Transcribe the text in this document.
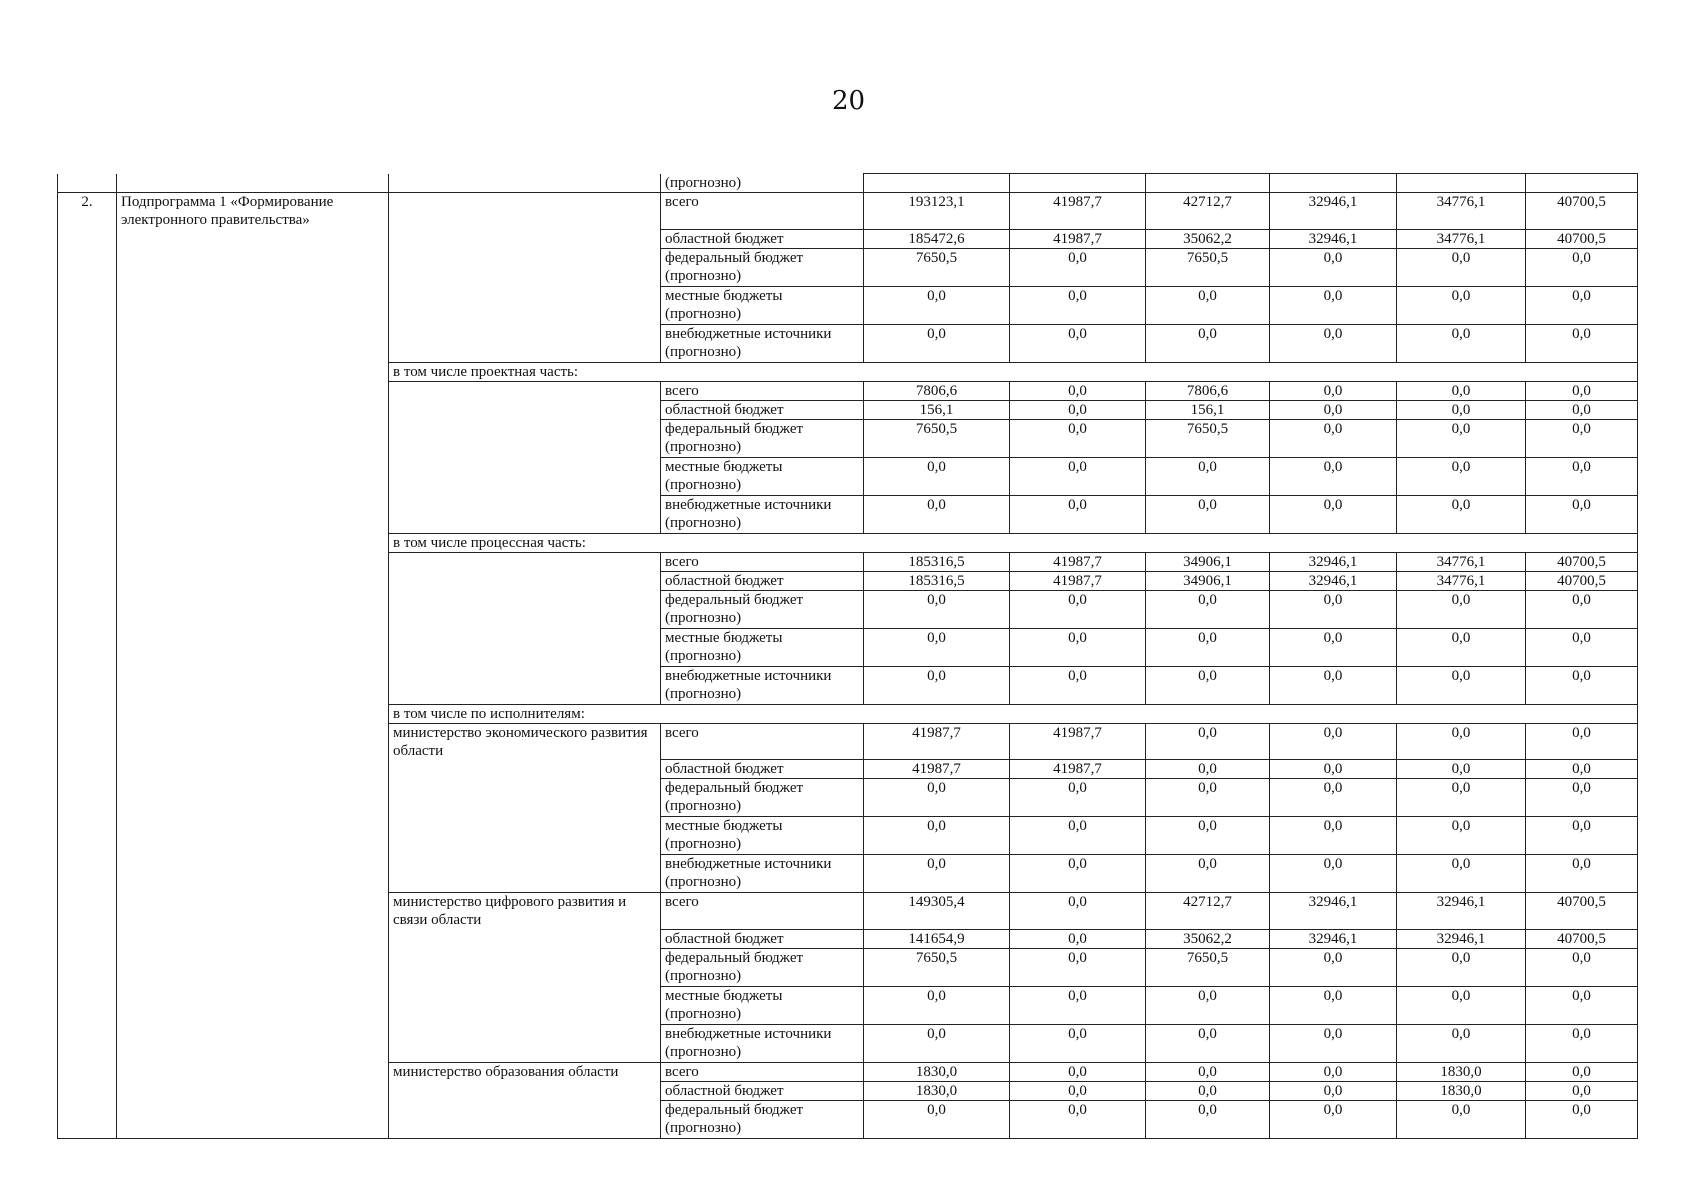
20
			(прогнозно)						
2.	Подпрограмма 1 «Формирование электронного правительства»		всего	193123,1	41987,7	42712,7	32946,1	34776,1	40700,5
			областной бюджет	185472,6	41987,7	35062,2	32946,1	34776,1	40700,5
			федеральный бюджет (прогнозно)	7650,5	0,0	7650,5	0,0	0,0	0,0
			местные бюджеты (прогнозно)	0,0	0,0	0,0	0,0	0,0	0,0
			внебюджетные источники (прогнозно)	0,0	0,0	0,0	0,0	0,0	0,0
		в том числе проектная часть:							
			всего	7806,6	0,0	7806,6	0,0	0,0	0,0
			областной бюджет	156,1	0,0	156,1	0,0	0,0	0,0
			федеральный бюджет (прогнозно)	7650,5	0,0	7650,5	0,0	0,0	0,0
			местные бюджеты (прогнозно)	0,0	0,0	0,0	0,0	0,0	0,0
			внебюджетные источники (прогнозно)	0,0	0,0	0,0	0,0	0,0	0,0
		в том числе процессная часть:							
			всего	185316,5	41987,7	34906,1	32946,1	34776,1	40700,5
			областной бюджет	185316,5	41987,7	34906,1	32946,1	34776,1	40700,5
			федеральный бюджет (прогнозно)	0,0	0,0	0,0	0,0	0,0	0,0
			местные бюджеты (прогнозно)	0,0	0,0	0,0	0,0	0,0	0,0
			внебюджетные источники (прогнозно)	0,0	0,0	0,0	0,0	0,0	0,0
		в том числе по исполнителям:							
		министерство экономического развития области	всего	41987,7	41987,7	0,0	0,0	0,0	0,0
			областной бюджет	41987,7	41987,7	0,0	0,0	0,0	0,0
			федеральный бюджет (прогнозно)	0,0	0,0	0,0	0,0	0,0	0,0
			местные бюджеты (прогнозно)	0,0	0,0	0,0	0,0	0,0	0,0
			внебюджетные источники (прогнозно)	0,0	0,0	0,0	0,0	0,0	0,0
		министерство цифрового развития и связи области	всего	149305,4	0,0	42712,7	32946,1	32946,1	40700,5
			областной бюджет	141654,9	0,0	35062,2	32946,1	32946,1	40700,5
			федеральный бюджет (прогнозно)	7650,5	0,0	7650,5	0,0	0,0	0,0
			местные бюджеты (прогнозно)	0,0	0,0	0,0	0,0	0,0	0,0
			внебюджетные источники (прогнозно)	0,0	0,0	0,0	0,0	0,0	0,0
		министерство образования области	всего	1830,0	0,0	0,0	0,0	1830,0	0,0
			областной бюджет	1830,0	0,0	0,0	0,0	1830,0	0,0
			федеральный бюджет (прогнозно)	0,0	0,0	0,0	0,0	0,0	0,0
